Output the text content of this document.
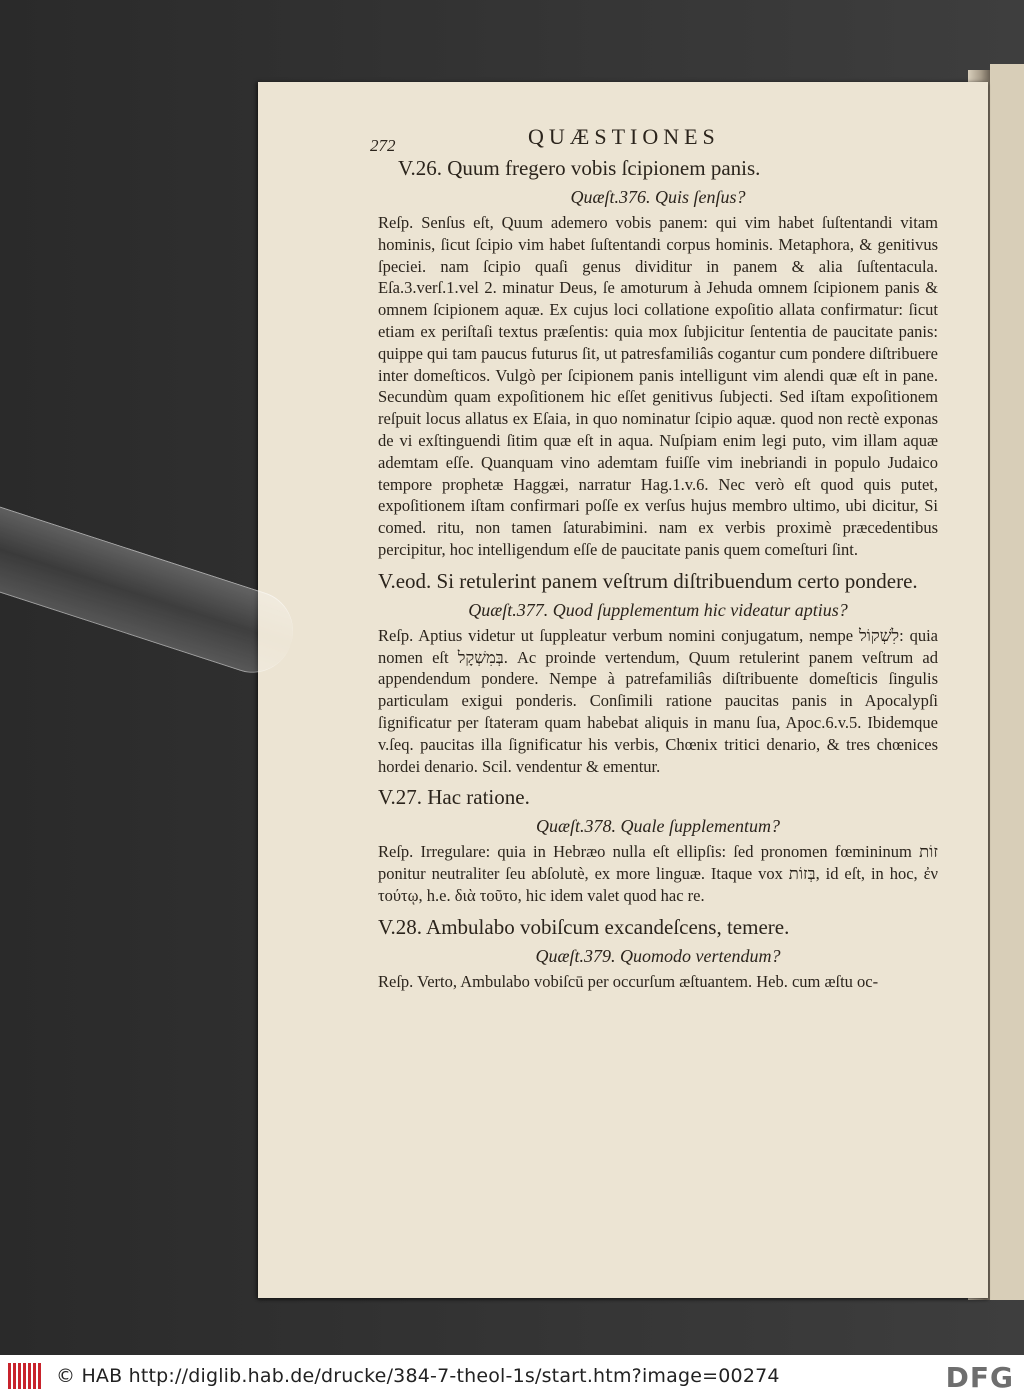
272	QUÆSTIONES

V.26. Quum fregero vobis ſcipionem panis.

Quæſt.376. Quis ſenſus?

Reſp. Senſus eſt, Quum ademero vobis panem: qui vim habet ſuſtentandi vitam hominis, ſicut ſcipio vim habet ſuſtentandi corpus hominis. Metaphora, & genitivus ſpeciei. nam ſcipio quaſi genus dividitur in panem & alia ſuſtentacula. Eſa.3.verſ.1.vel 2. minatur Deus, ſe amoturum à Jehuda omnem ſcipionem panis & omnem ſcipionem aquæ. Ex cujus loci collatione expoſitio allata confirmatur: ſicut etiam ex periſtaſi textus præſentis: quia mox ſubjicitur ſententia de paucitate panis: quippe qui tam paucus futurus ſit, ut patresfamiliâs cogantur cum pondere diſtribuere inter domeſticos. Vulgò per ſcipionem panis intelligunt vim alendi quæ eſt in pane. Secundùm quam expoſitionem hic eſſet genitivus ſubjecti. Sed iſtam expoſitionem reſpuit locus allatus ex Eſaia, in quo nominatur ſcipio aquæ. quod non rectè exponas de vi exſtinguendi ſitim quæ eſt in aqua. Nuſpiam enim legi puto, vim illam aquæ ademtam eſſe. Quanquam vino ademtam fuiſſe vim inebriandi in populo Judaico tempore prophetæ Haggæi, narratur Hag.1.v.6. Nec verò eſt quod quis putet, expoſitionem iſtam confirmari poſſe ex verſus hujus membro ultimo, ubi dicitur, Si comed. ritu, non tamen ſaturabimini. nam ex verbis proximè præcedentibus percipitur, hoc intelligendum eſſe de paucitate panis quem comeſturi ſint.

V.eod. Si retulerint panem veſtrum diſtribuendum certo pondere.

Quæſt.377. Quod ſupplementum hic videatur aptius?

Reſp. Aptius videtur ut ſuppleatur verbum nomini conjugatum, nempe לִשְׁקוֹל: quia nomen eſt בְּמִשְׁקָל. Ac proinde vertendum, Quum retulerint panem veſtrum ad appendendum pondere. Nempe à patrefamiliâs diſtribuente domeſticis ſingulis particulam exigui ponderis. Conſimili ratione paucitas panis in Apocalypſi ſignificatur per ſtateram quam habebat aliquis in manu ſua, Apoc.6.v.5. Ibidemque v.ſeq. paucitas illa ſignificatur his verbis, Chœnix tritici denario, & tres chœnices hordei denario. Scil. vendentur & ementur.

V.27. Hac ratione.

Quæſt.378. Quale ſupplementum?

Reſp. Irregulare: quia in Hebræo nulla eſt ellipſis: ſed pronomen fœmininum זוֹת ponitur neutraliter ſeu abſolutè, ex more linguæ. Itaque vox בְּזוֹת, id eſt, in hoc, ἐν τούτῳ, h.e. διὰ τοῦτο, hic idem valet quod hac re.

V.28. Ambulabo vobiſcum excandeſcens, temere.

Quæſt.379. Quomodo vertendum?

Reſp. Verto, Ambulabo vobiſcū per occurſum æſtuantem. Heb. cum æſtu oc-

© HAB http://diglib.hab.de/drucke/384-7-theol-1s/start.htm?image=00274	DFG
